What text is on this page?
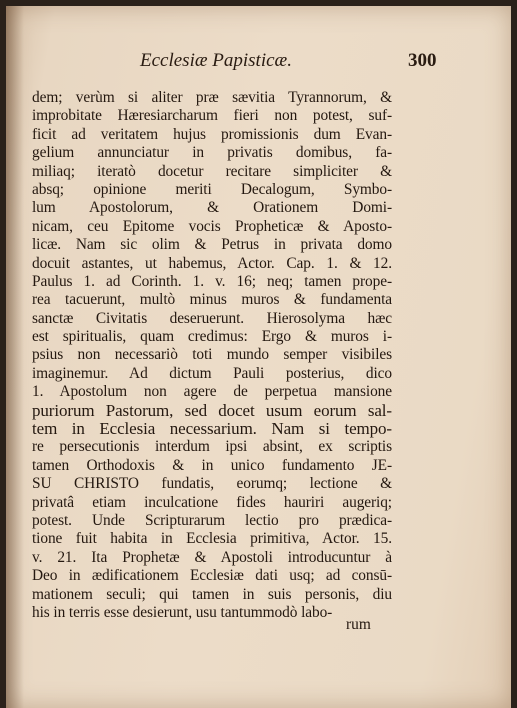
Ecclesiæ Papisticæ.	300
dem; verùm si aliter præ sævitia Tyrannorum, &
improbitate Hæresiarcharum fieri non potest, suf-
ficit ad veritatem hujus promissionis dum Evan-
gelium annunciatur in privatis domibus, fa-
miliaq; iteratò docetur recitare simpliciter &
absq; opinione meriti Decalogum, Symbo-
lum Apostolorum, & Orationem Domi-
nicam, ceu Epitome vocis Propheticæ & Aposto-
licæ. Nam sic olim & Petrus in privata domo
docuit astantes, ut habemus, Actor. Cap. 1. & 12.
Paulus 1. ad Corinth. 1. v. 16; neq; tamen prope-
rea tacuerunt, multò minus muros & fundamenta
sanctæ Civitatis deseruerunt. Hierosolyma hæc
est spiritualis, quam credimus: Ergo & muros i-
psius non necessariò toti mundo semper visibiles
imaginemur. Ad dictum Pauli posterius, dico
1. Apostolum non agere de perpetua mansione
puriorum Pastorum, sed docet usum eorum sal-
tem in Ecclesia necessarium. Nam si tempo-
re persecutionis interdum ipsi absint, ex scriptis
tamen Orthodoxis & in unico fundamento JE-
SU CHRISTO fundatis, eorumq; lectione &
privatâ etiam inculcatione fides hauriri augeriq;
potest. Unde Scripturarum lectio pro prædica-
tione fuit habita in Ecclesia primitiva, Actor. 15.
v. 21. Ita Prophetæ & Apostoli introducuntur à
Deo in ædificationem Ecclesiæ dati usq; ad consū-
mationem seculi; qui tamen in suis personis, diu
his in terris esse desierunt, usu tantummodò labo-
rum
